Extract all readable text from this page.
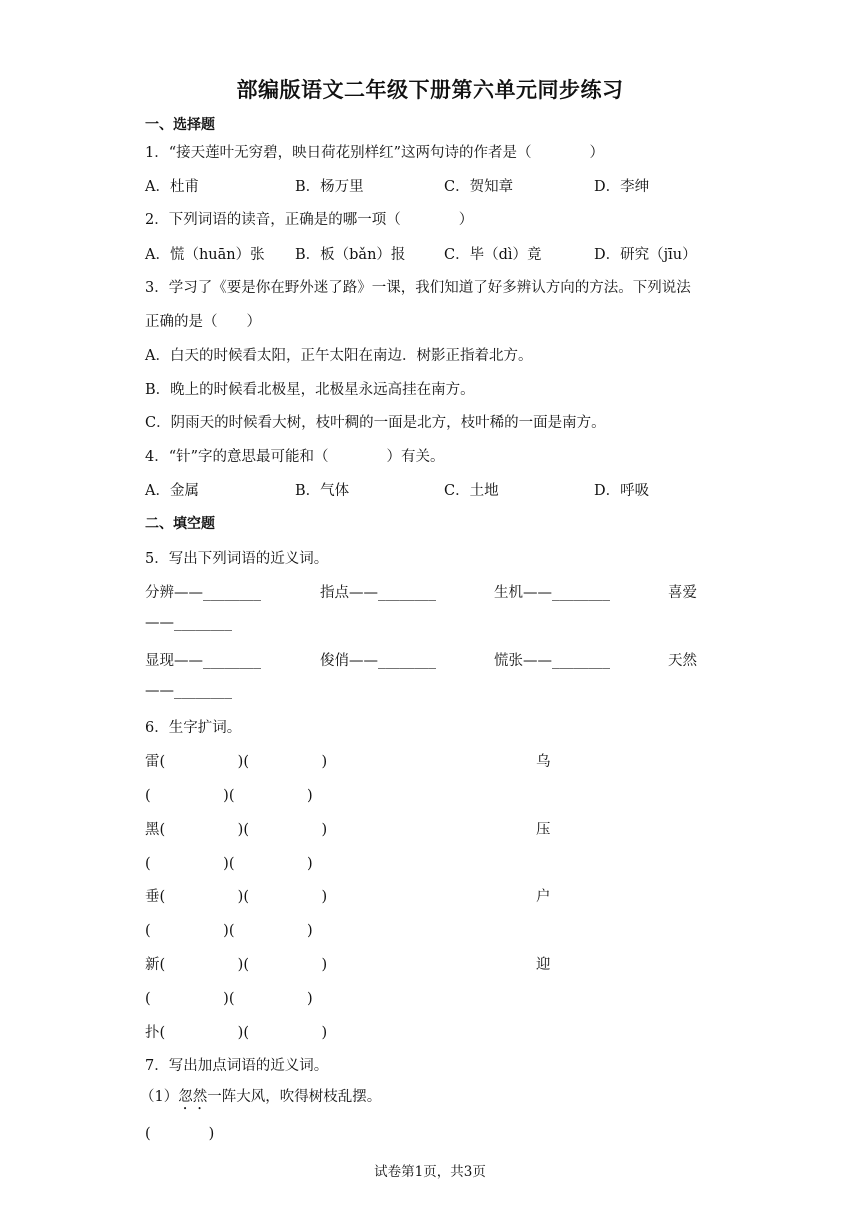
部编版语文二年级下册第六单元同步练习
一、选择题
1．“接天莲叶无穷碧，映日荷花别样红”这两句诗的作者是（　　　　）
A．杜甫	B．杨万里	C．贺知章	D．李绅
2．下列词语的读音，正确是的哪一项（　　　　）
A．慌（huān）张 B．板（bǎn）报	C．毕（dì）竟	D．研究（jīu）
3．学习了《要是你在野外迷了路》一课，我们知道了好多辨认方向的方法。下列说法
正确的是（　　）
A．白天的时候看太阳，正午太阳在南边．树影正指着北方。
B．晚上的时候看北极星，北极星永远高挂在南方。
C．阴雨天的时候看大树，枝叶稠的一面是北方，枝叶稀的一面是南方。
4．“针”字的意思最可能和（　　　　）有关。
A．金属	B．气体	C．土地	D．呼吸
二、填空题
5．写出下列词语的近义词。
分辨——________	指点——________	生机——________	喜爱
——________
显现——________	俊俏——________	慌张——________	天然
——________
6．生字扩词。
雷(　　　　　)(　　　　　)	乌
(　　　　　)(　　　　　)
黑(　　　　　)(　　　　　)	压
(　　　　　)(　　　　　)
垂(　　　　　)(　　　　　)	户
(　　　　　)(　　　　　)
新(　　　　　)(　　　　　)	迎
(　　　　　)(　　　　　)
扑(　　　　　)(　　　　　)
7．写出加点词语的近义词。
（1）忽然一阵大风，吹得树枝乱摆。
(　　　　)
试卷第1页，共3页
